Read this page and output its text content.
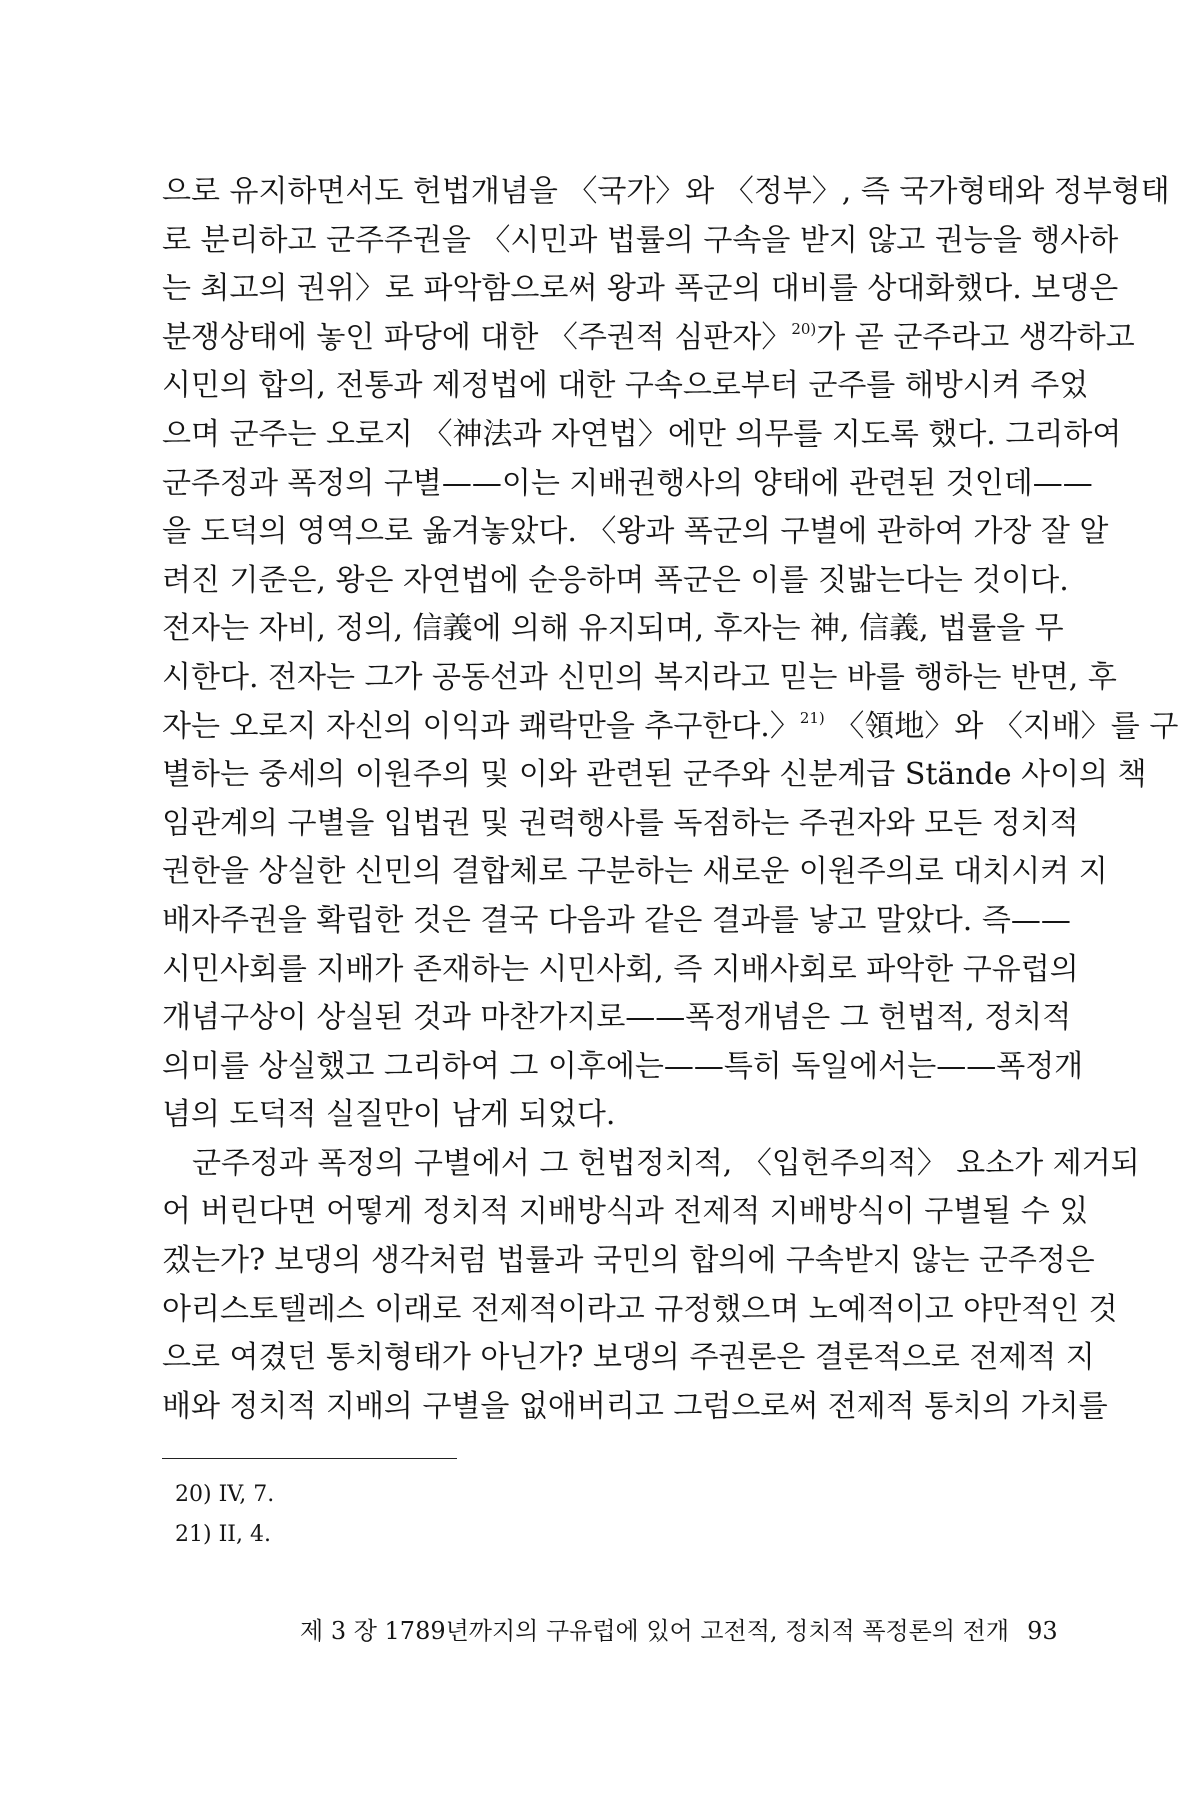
으로 유지하면서도 헌법개념을 〈국가〉와 〈정부〉, 즉 국가형태와 정부형태
로 분리하고 군주주권을 〈시민과 법률의 구속을 받지 않고 권능을 행사하
는 최고의 권위〉로 파악함으로써 왕과 폭군의 대비를 상대화했다. 보댕은
분쟁상태에 놓인 파당에 대한 〈주권적 심판자〉$^{20)}$가 곧 군주라고 생각하고
시민의 합의, 전통과 제정법에 대한 구속으로부터 군주를 해방시켜 주었
으며 군주는 오로지 〈神法과 자연법〉에만 의무를 지도록 했다. 그리하여
군주정과 폭정의 구별——이는 지배권행사의 양태에 관련된 것인데——
을 도덕의 영역으로 옮겨놓았다. 〈왕과 폭군의 구별에 관하여 가장 잘 알
려진 기준은, 왕은 자연법에 순응하며 폭군은 이를 짓밟는다는 것이다.
전자는 자비, 정의, 信義에 의해 유지되며, 후자는 神, 信義, 법률을 무
시한다. 전자는 그가 공동선과 신민의 복지라고 믿는 바를 행하는 반면, 후
자는 오로지 자신의 이익과 쾌락만을 추구한다.〉$^{21)}$ 〈領地〉와 〈지배〉를 구
별하는 중세의 이원주의 및 이와 관련된 군주와 신분계급 Stände 사이의 책
임관계의 구별을 입법권 및 권력행사를 독점하는 주권자와 모든 정치적
권한을 상실한 신민의 결합체로 구분하는 새로운 이원주의로 대치시켜 지
배자주권을 확립한 것은 결국 다음과 같은 결과를 낳고 말았다. 즉——
시민사회를 지배가 존재하는 시민사회, 즉 지배사회로 파악한 구유럽의
개념구상이 상실된 것과 마찬가지로——폭정개념은 그 헌법적, 정치적
의미를 상실했고 그리하여 그 이후에는——특히 독일에서는——폭정개
념의 도덕적 실질만이 남게 되었다.
군주정과 폭정의 구별에서 그 헌법정치적, 〈입헌주의적〉 요소가 제거되
어 버린다면 어떻게 정치적 지배방식과 전제적 지배방식이 구별될 수 있
겠는가? 보댕의 생각처럼 법률과 국민의 합의에 구속받지 않는 군주정은
아리스토텔레스 이래로 전제적이라고 규정했으며 노예적이고 야만적인 것
으로 여겼던 통치형태가 아닌가? 보댕의 주권론은 결론적으로 전제적 지
배와 정치적 지배의 구별을 없애버리고 그럼으로써 전제적 통치의 가치를
20) IV, 7.
21) II, 4.
제 3 장 1789년까지의 구유럽에 있어 고전적, 정치적 폭정론의 전개 93
